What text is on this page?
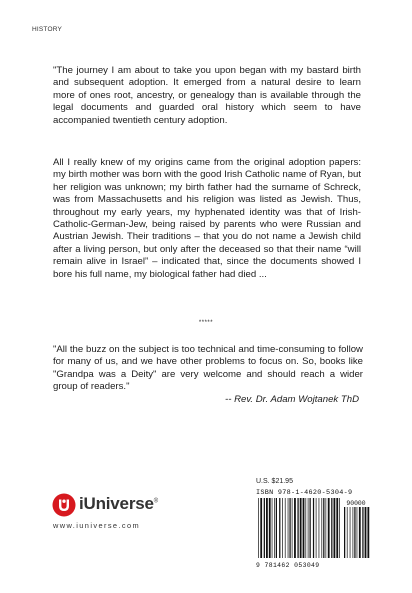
HISTORY
"The journey I am about to take you upon began with my bastard birth and subsequent adoption. It emerged from a natural desire to learn more of ones root, ancestry, or genealogy than is available through the legal documents and guarded oral history which seem to have accompanied twentieth century adoption.
All I really knew of my origins came from the original adoption papers: my birth mother was born with the good Irish Catholic name of Ryan, but her religion was unknown; my birth father had the surname of Schreck, was from Massachusetts and his religion was listed as Jewish. Thus, throughout my early years, my hyphenated identity was that of Irish-Catholic-German-Jew, being raised by parents who were Russian and Austrian Jewish. Their traditions – that you do not name a Jewish child after a living person, but only after the deceased so that their name “will remain alive in Israel” – indicated that, since the documents showed I bore his full name, my biological father had died ...
*****
"All the buzz on the subject is too technical and time-consuming to follow for many of us, and we have other problems to focus on. So, books like "Grandpa was a Deity" are very welcome and should reach a wider group of readers."
-- Rev. Dr. Adam Wojtanek ThD
iUniverse®
www.iuniverse.com
U.S. $21.95
ISBN 978-1-4620-5304-9
90000
9 781462 053049
